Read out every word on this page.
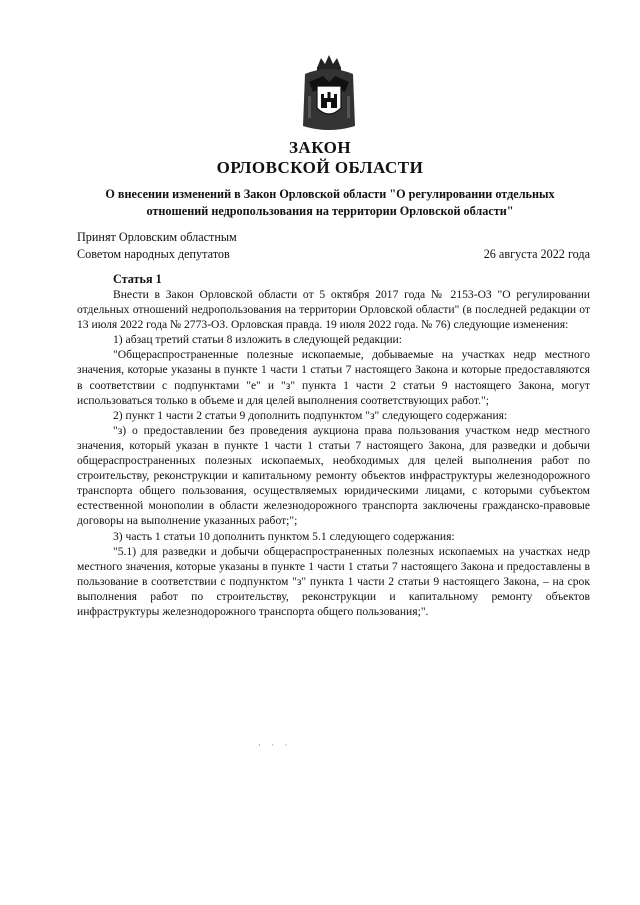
ЗАКОН
ОРЛОВСКОЙ ОБЛАСТИ
О внесении изменений в Закон Орловской области "О регулировании отдельных
отношений недропользования на территории Орловской области"
Принят Орловским областным
Советом народных депутатов	26 августа 2022 года
Статья 1

Внести в Закон Орловской области от 5 октября 2017 года № 2153-ОЗ "О регулировании отдельных отношений недропользования на территории Орловской области" (в последней редакции от 13 июля 2022 года № 2773-ОЗ. Орловская правда. 19 июля 2022 года. № 76) следующие изменения:

1) абзац третий статьи 8 изложить в следующей редакции:

"Общераспространенные полезные ископаемые, добываемые на участках недр местного значения, которые указаны в пункте 1 части 1 статьи 7 настоящего Закона и которые предоставляются в соответствии с подпунктами "е" и "з" пункта 1 части 2 статьи 9 настоящего Закона, могут использоваться только в объеме и для целей выполнения соответствующих работ.";

2) пункт 1 части 2 статьи 9 дополнить подпунктом "з" следующего содержания:

"з) о предоставлении без проведения аукциона права пользования участком недр местного значения, который указан в пункте 1 части 1 статьи 7 настоящего Закона, для разведки и добычи общераспространенных полезных ископаемых, необходимых для целей выполнения работ по строительству, реконструкции и капитальному ремонту объектов инфраструктуры железнодорожного транспорта общего пользования, осуществляемых юридическими лицами, с которыми субъектом естественной монополии в области железнодорожного транспорта заключены гражданско-правовые договоры на выполнение указанных работ;";

3) часть 1 статьи 10 дополнить пунктом 5.1 следующего содержания:

"5.1) для разведки и добычи общераспространенных полезных ископаемых на участках недр местного значения, которые указаны в пункте 1 части 1 статьи 7 настоящего Закона и предоставлены в пользование в соответствии с подпунктом "з" пункта 1 части 2 статьи 9 настоящего Закона, – на срок выполнения работ по строительству, реконструкции и капитальному ремонту объектов инфраструктуры железнодорожного транспорта общего пользования;".

· · ·
